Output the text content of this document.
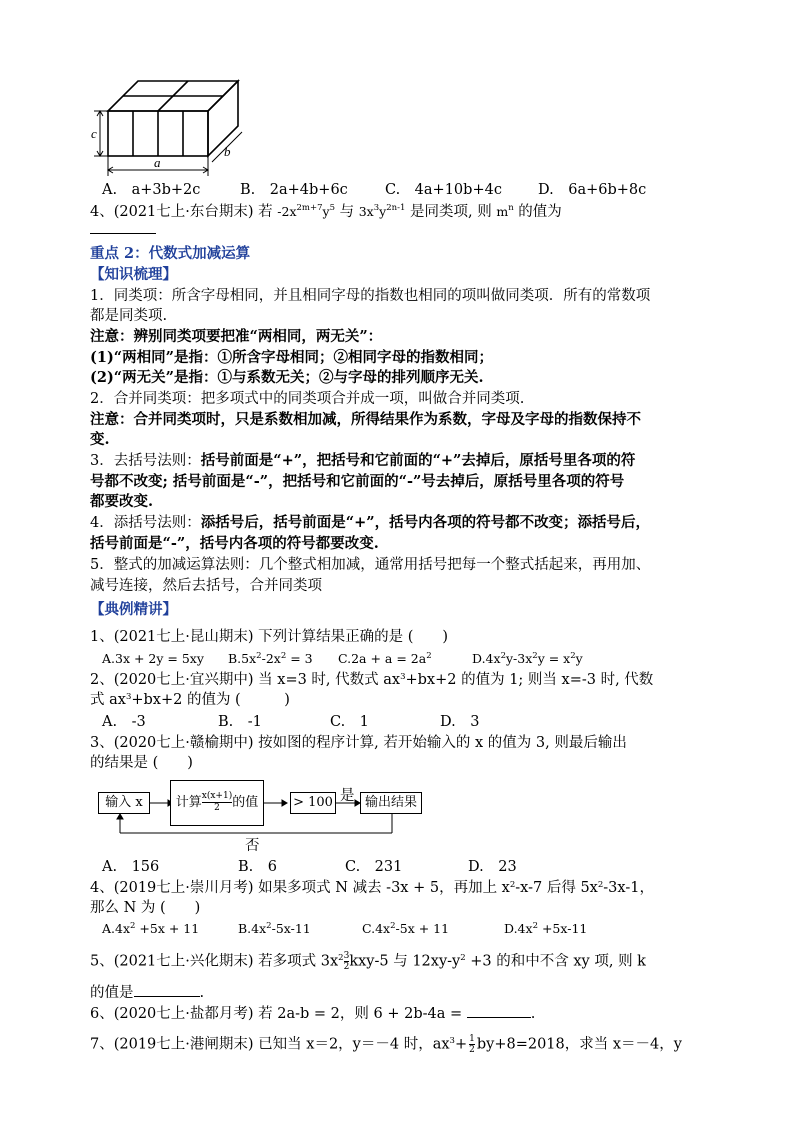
c
a
b
A.　a+3b+2c	B.　2a+4b+6c	C.　4a+10b+4c D.　6a+6b+8c
4、(2021七上·东台期末) 若 $-2x^{2m+7}y^5$ 与 $3x^3y^{2n-1}$ 是同类项, 则 $m^n$ 的值为
重点 2：代数式加减运算
【知识梳理】
1．同类项：所含字母相同，并且相同字母的指数也相同的项叫做同类项．所有的常数项
都是同类项.
注意：辨别同类项要把准“两相同，两无关”：
(1)“两相同”是指：①所含字母相同；②相同字母的指数相同；
(2)“两无关”是指：①与系数无关；②与字母的排列顺序无关.
2．合并同类项：把多项式中的同类项合并成一项，叫做合并同类项.
注意：合并同类项时，只是系数相加减，所得结果作为系数，字母及字母的指数保持不
变.
3．去括号法则：括号前面是“+”，把括号和它前面的“+”去掉后，原括号里各项的符
号都不改变; 括号前面是“-”，把括号和它前面的“-”号去掉后，原括号里各项的符号
都要改变.
4．添括号法则：添括号后，括号前面是“+”，括号内各项的符号都不改变；添括号后，
括号前面是“-”，括号内各项的符号都要改变.
5．整式的加减运算法则：几个整式相加减，通常用括号把每一个整式括起来，再用加、
减号连接，然后去括号，合并同类项
【典例精讲】
1、(2021七上·昆山期末) 下列计算结果正确的是 (　　)
A.3x + 2y = 5xy $B.5x^2-2x^2 = 3$ $C.2a + a = 2a^2$	$D.4x^2y-3x^2y = x^2y$
2、(2020七上·宜兴期中) 当 x=3 时, 代数式 $ax^3+bx+2$ 的值为 1; 则当 x=-3 时, 代数
式 $ax^3+bx+2$ 的值为 (　　　)
A.　-3	B.　-1	C.　1	D.　3
3、(2020七上·赣榆期中) 按如图的程序计算, 若开始输入的 x 的值为 3, 则最后输出
的结果是 (　　)
输入 x	计算 $\frac{x(x+1)}{2}$ 的值	> 100 是 输出结果
否
A.　156	B.　6	C.　231	D.　23
4、(2019七上·崇川月考) 如果多项式 N 减去 -3x + 5，再加上 $x^2-x-7$ 后得 $5x^2-3x-1$，
那么 N 为 (　　)
$A.4x^2 +5x + 11$	$B.4x^2-5x-11$	$C.4x^2-5x + 11$	$D.4x^2 +5x-11$
5、(2021七上·兴化期末) 若多项式 $3x^2 \frac{3}{2} kxy-5$ 与 $12xy-y^2 +3$ 的和中不含 xy 项, 则 k
的值是	.
6、(2020七上·盐都月考) 若 2a-b = 2，则 6 + 2b-4a =	.
7、(2019七上·港闸期末) 已知当 x＝2，y＝－4 时，$ax^3+ \frac{1}{2} by+8=2018$，求当 x＝－4，y
